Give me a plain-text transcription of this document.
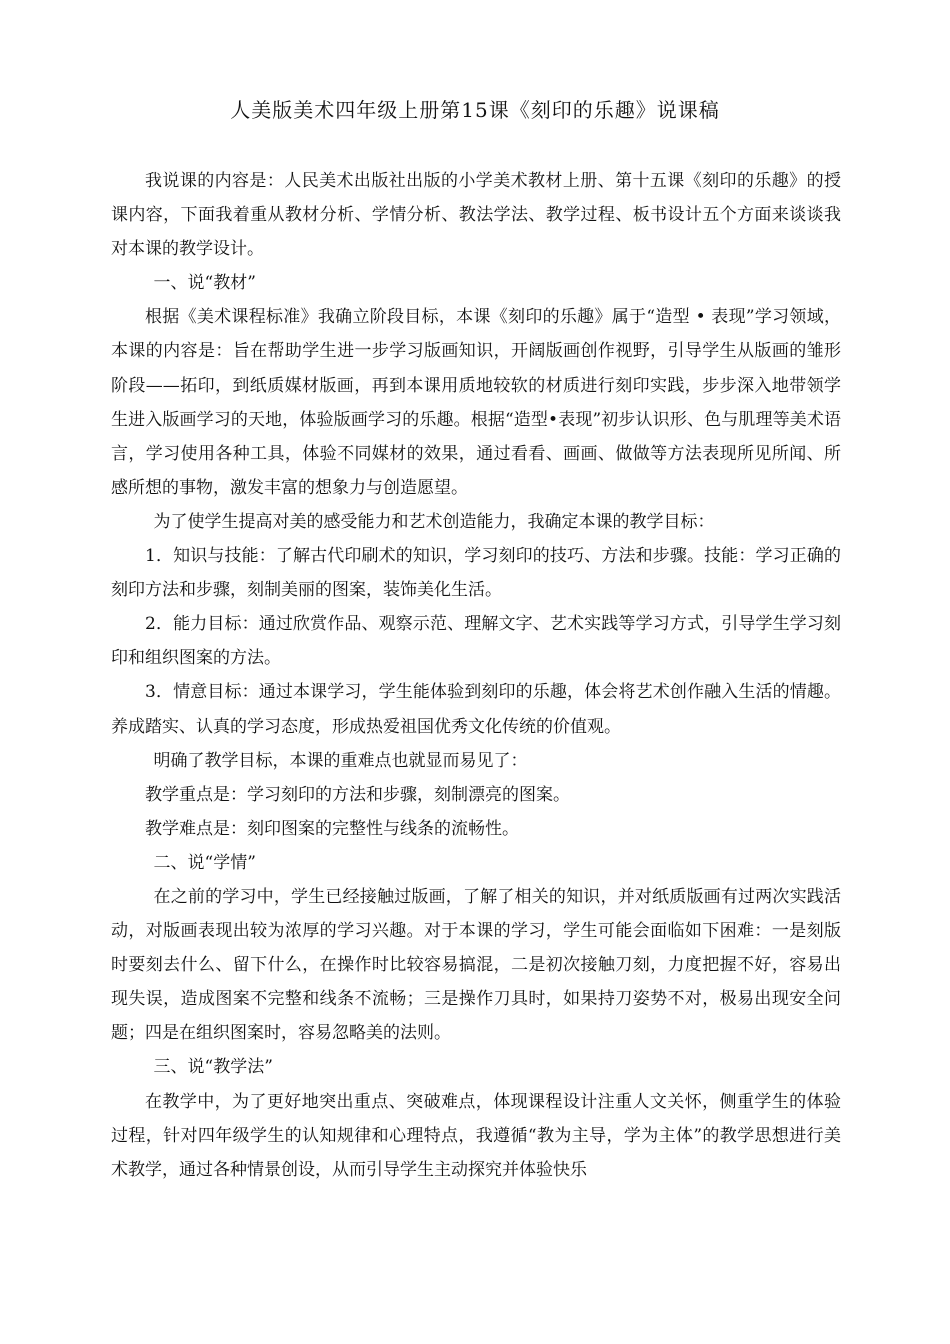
人美版美术四年级上册第15课《刻印的乐趣》说课稿

我说课的内容是：人民美术出版社出版的小学美术教材上册、第十五课《刻印的乐趣》的授课内容，下面我着重从教材分析、学情分析、教法学法、教学过程、板书设计五个方面来谈谈我对本课的教学设计。

一、说“教材”

根据《美术课程标准》我确立阶段目标，本课《刻印的乐趣》属于“造型 • 表现”学习领域，本课的内容是：旨在帮助学生进一步学习版画知识，开阔版画创作视野，引导学生从版画的雏形阶段——拓印，到纸质媒材版画，再到本课用质地较软的材质进行刻印实践，步步深入地带领学生进入版画学习的天地，体验版画学习的乐趣。根据“造型•表现”初步认识形、色与肌理等美术语言，学习使用各种工具，体验不同媒材的效果，通过看看、画画、做做等方法表现所见所闻、所感所想的事物，激发丰富的想象力与创造愿望。

为了使学生提高对美的感受能力和艺术创造能力，我确定本课的教学目标：

1．知识与技能：了解古代印刷术的知识，学习刻印的技巧、方法和步骤。技能：学习正确的刻印方法和步骤，刻制美丽的图案，装饰美化生活。

2．能力目标：通过欣赏作品、观察示范、理解文字、艺术实践等学习方式，引导学生学习刻印和组织图案的方法。

3．情意目标：通过本课学习，学生能体验到刻印的乐趣，体会将艺术创作融入生活的情趣。养成踏实、认真的学习态度，形成热爱祖国优秀文化传统的价值观。

明确了教学目标，本课的重难点也就显而易见了：

教学重点是：学习刻印的方法和步骤，刻制漂亮的图案。

教学难点是：刻印图案的完整性与线条的流畅性。

二、说“学情”

在之前的学习中，学生已经接触过版画，了解了相关的知识，并对纸质版画有过两次实践活动，对版画表现出较为浓厚的学习兴趣。对于本课的学习，学生可能会面临如下困难：一是刻版时要刻去什么、留下什么，在操作时比较容易搞混，二是初次接触刀刻，力度把握不好，容易出现失误，造成图案不完整和线条不流畅；三是操作刀具时，如果持刀姿势不对，极易出现安全问题；四是在组织图案时，容易忽略美的法则。

三、说“教学法”

在教学中，为了更好地突出重点、突破难点，体现课程设计注重人文关怀，侧重学生的体验过程，针对四年级学生的认知规律和心理特点，我遵循“教为主导，学为主体”的教学思想进行美术教学，通过各种情景创设，从而引导学生主动探究并体验快乐
